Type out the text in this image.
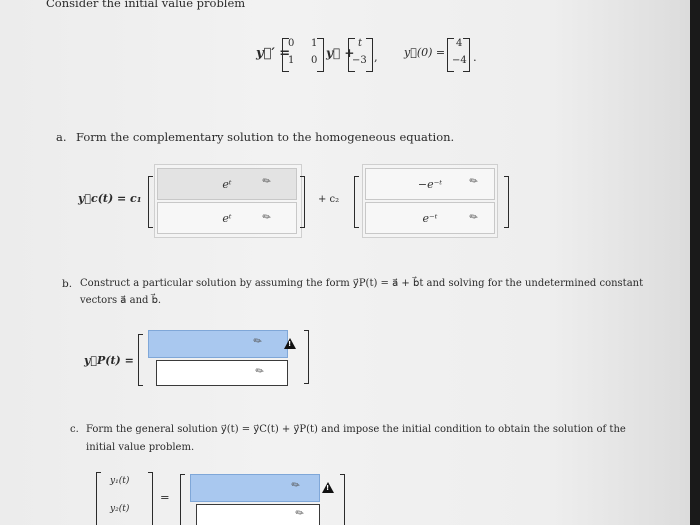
Consider the initial value problem
y⃗′ =
0 1
1 0
y⃗ +
t
−3 , y⃗(0) =
4
−4 .
a. Form the complementary solution to the homogeneous equation.
y⃗c(t) = c₁
eᵗ	✎
eᵗ	✎
+ c₂
−e⁻ᵗ	✎
e⁻ᵗ	✎
b. Construct a particular solution by assuming the form y⃗P(t) = a⃗ + b⃗t and solving for the undetermined constant
vectors a⃗ and b⃗.
y⃗P(t) =
✎
!
✎
c. Form the general solution y⃗(t) = y⃗C(t) + y⃗P(t) and impose the initial condition to obtain the solution of the
initial value problem.
y₁(t)
y₂(t)
=
✎
!
✎
